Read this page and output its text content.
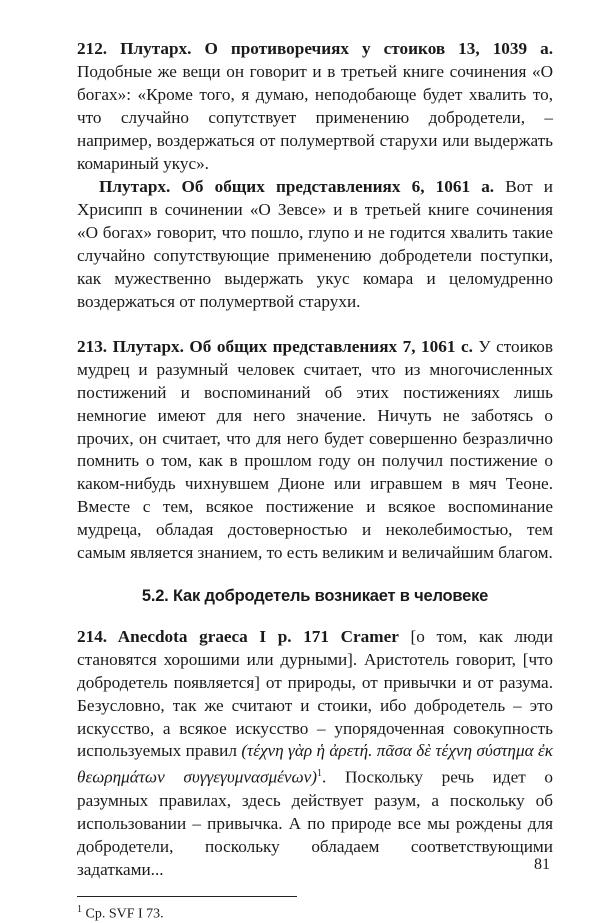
212. Плутарх. О противоречиях у стоиков 13, 1039 a. Подобные же вещи он говорит и в третьей книге сочинения «О богах»: «Кроме того, я думаю, неподобающе будет хвалить то, что случайно сопутствует применению добродетели, – например, воздержаться от полумертвой старухи или выдержать комариный укус».

Плутарх. Об общих представлениях 6, 1061 a. Вот и Хрисипп в сочинении «О Зевсе» и в третьей книге сочинения «О богах» говорит, что пошло, глупо и не годится хвалить такие случайно сопутствующие применению добродетели поступки, как мужественно выдержать укус комара и целомудренно воздержаться от полумертвой старухи.

213. Плутарх. Об общих представлениях 7, 1061 c. У стоиков мудрец и разумный человек считает, что из многочисленных постижений и воспоминаний об этих постижениях лишь немногие имеют для него значение. Ничуть не заботясь о прочих, он считает, что для него будет совершенно безразлично помнить о том, как в прошлом году он получил постижение о каком-нибудь чихнувшем Дионе или игравшем в мяч Теоне. Вместе с тем, всякое постижение и всякое воспоминание мудреца, обладая достоверностью и неколебимостью, тем самым является знанием, то есть великим и величайшим благом.

5.2. Как добродетель возникает в человеке

214. Anecdota graeca I p. 171 Cramer [о том, как люди становятся хорошими или дурными]. Аристотель говорит, [что добродетель появляется] от природы, от привычки и от разума. Безусловно, так же считают и стоики, ибо добродетель – это искусство, а всякое искусство – упорядоченная совокупность используемых правил (τέχνη γὰρ ἡ ἀρετή. πᾶσα δὲ τέχνη σύστημα ἐκ θεωρημάτων συγγεγυμνασμένων)$^1$. Поскольку речь идет о разумных правилах, здесь действует разум, а поскольку об использовании – привычка. А по природе все мы рождены для добродетели, поскольку обладаем соответствующими задатками...

$^1$ Ср. SVF I 73.
81
